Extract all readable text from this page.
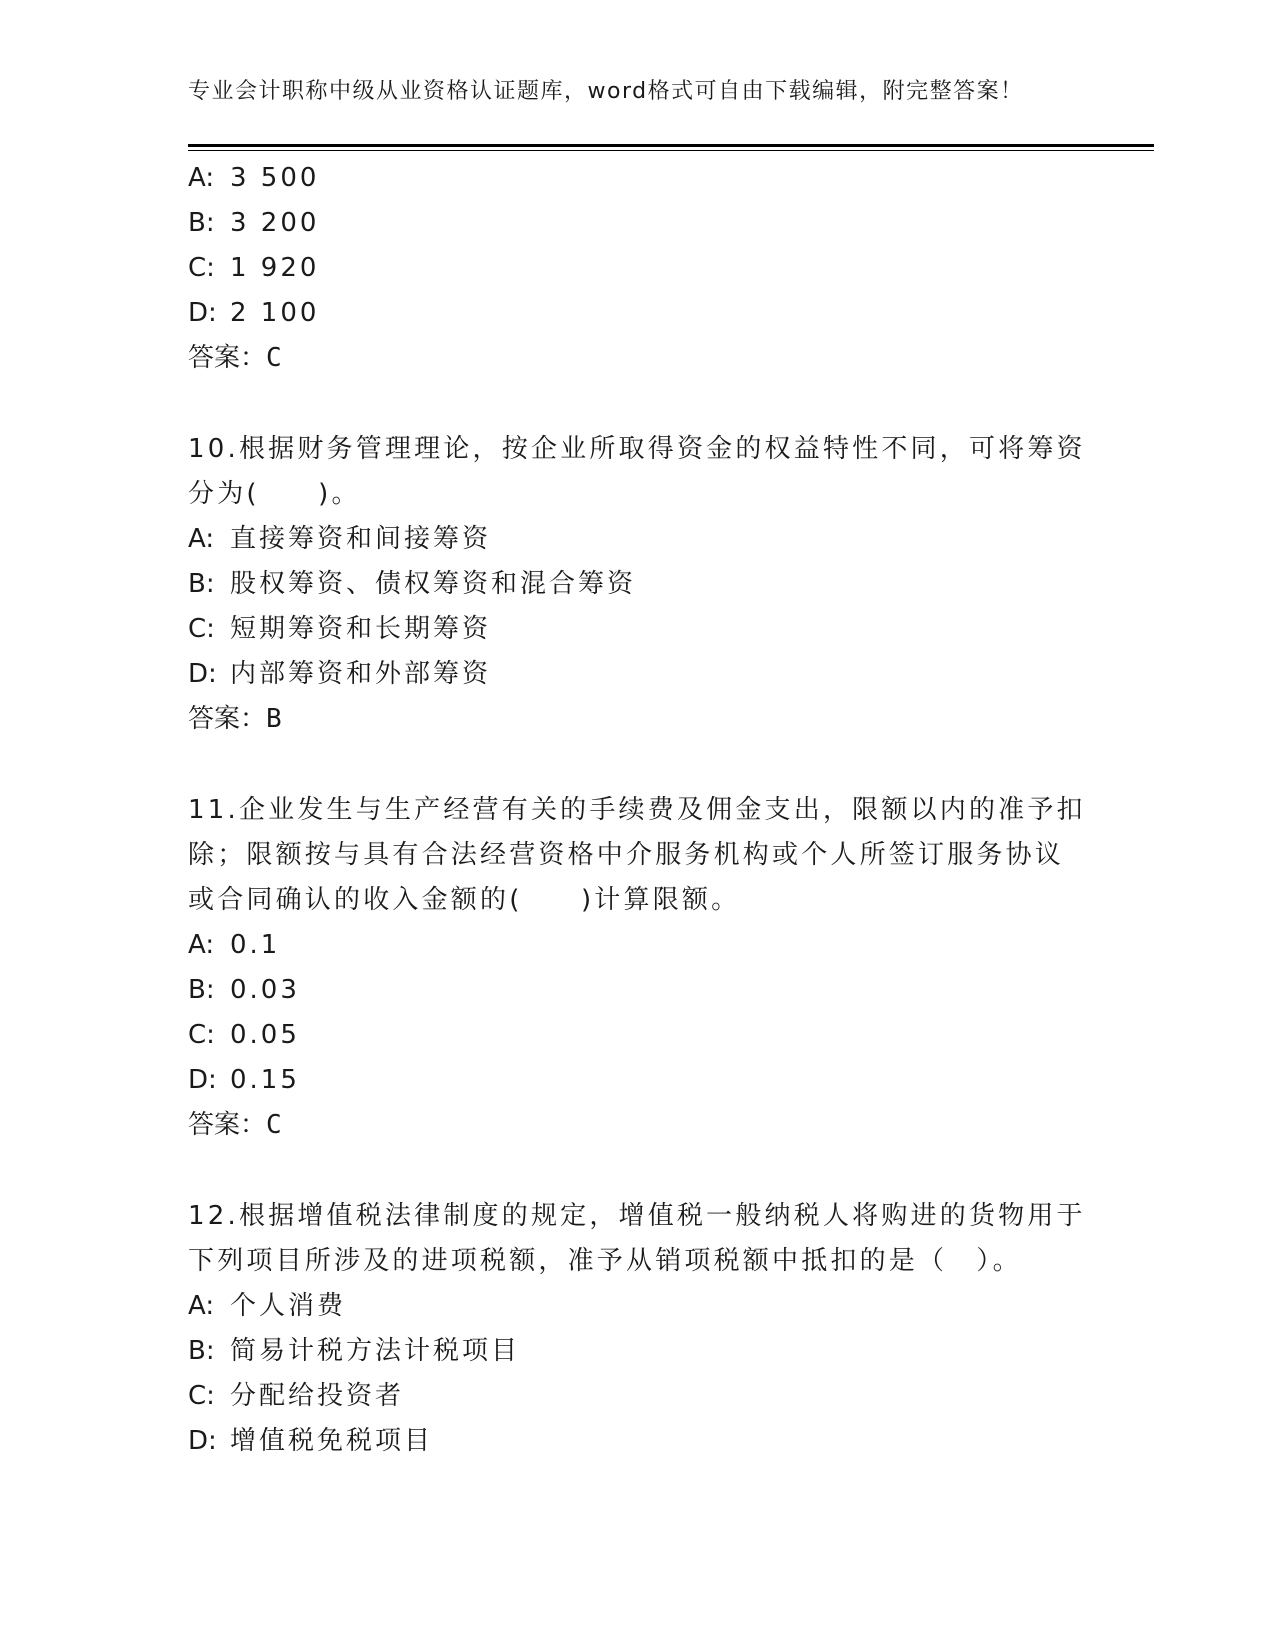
专业会计职称中级从业资格认证题库，word格式可自由下载编辑，附完整答案！
A: 3 500
B: 3 200
C: 1 920
D: 2 100
答案：C
10.根据财务管理理论，按企业所取得资金的权益特性不同，可将筹资
分为(　　)。
A: 直接筹资和间接筹资
B: 股权筹资、债权筹资和混合筹资
C: 短期筹资和长期筹资
D: 内部筹资和外部筹资
答案：B
11.企业发生与生产经营有关的手续费及佣金支出，限额以内的准予扣
除；限额按与具有合法经营资格中介服务机构或个人所签订服务协议
或合同确认的收入金额的(　　)计算限额。
A: 0.1
B: 0.03
C: 0.05
D: 0.15
答案：C
12.根据增值税法律制度的规定，增值税一般纳税人将购进的货物用于
下列项目所涉及的进项税额，准予从销项税额中抵扣的是（　）。
A: 个人消费
B: 简易计税方法计税项目
C: 分配给投资者
D: 增值税免税项目
